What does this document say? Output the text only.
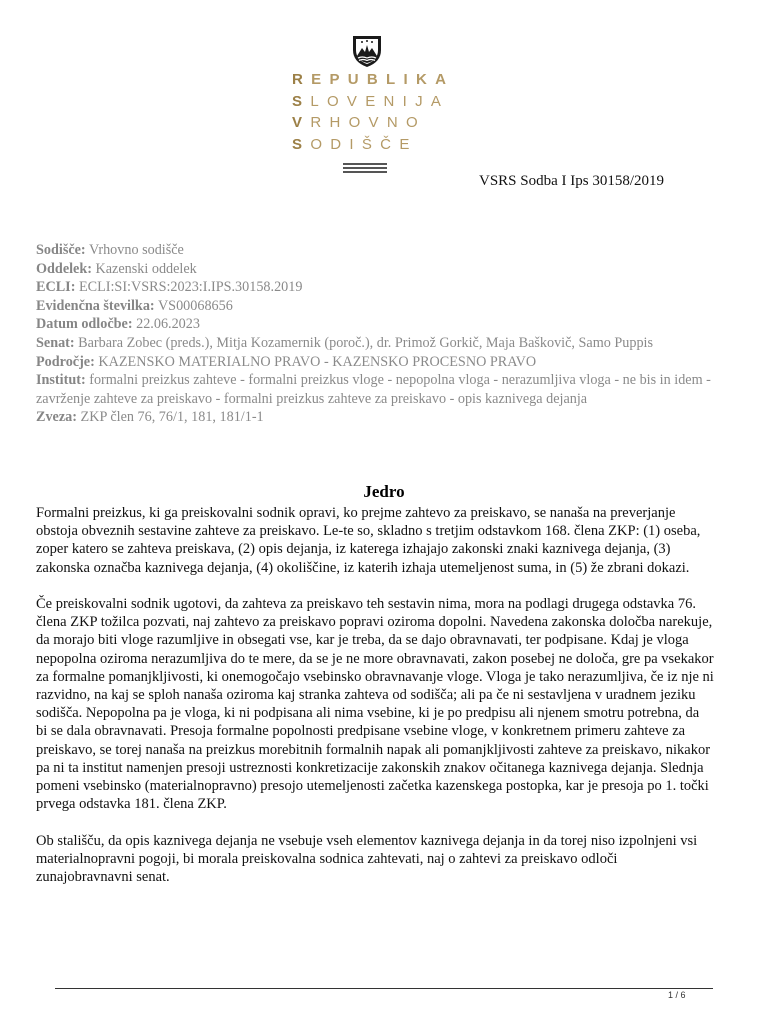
REPUBLIKA
SLOVENIJA
VRHOVNO
SODIŠČE
VSRS Sodba I Ips 30158/2019

Sodišče: Vrhovno sodišče

Oddelek: Kazenski oddelek

ECLI: ECLI:SI:VSRS:2023:I.IPS.30158.2019

Evidenčna številka: VS00068656

Datum odločbe: 22.06.2023

Senat: Barbara Zobec (preds.), Mitja Kozamernik (poroč.), dr. Primož Gorkič, Maja Baškovič, Samo Puppis

Področje: KAZENSKO MATERIALNO PRAVO - KAZENSKO PROCESNO PRAVO

Institut: formalni preizkus zahteve - formalni preizkus vloge - nepopolna vloga - nerazumljiva vloga - ne bis in idem - zavrženje zahteve za preiskavo - formalni preizkus zahteve za preiskavo - opis kaznivega dejanja

Zveza: ZKP člen 76, 76/1, 181, 181/1-1

Jedro

Formalni preizkus, ki ga preiskovalni sodnik opravi, ko prejme zahtevo za preiskavo, se nanaša na preverjanje obstoja obveznih sestavine zahteve za preiskavo. Le-te so, skladno s tretjim odstavkom 168. člena ZKP: (1) oseba, zoper katero se zahteva preiskava, (2) opis dejanja, iz katerega izhajajo zakonski znaki kaznivega dejanja, (3) zakonska označba kaznivega dejanja, (4) okoliščine, iz katerih izhaja utemeljenost suma, in (5) že zbrani dokazi.

Če preiskovalni sodnik ugotovi, da zahteva za preiskavo teh sestavin nima, mora na podlagi drugega odstavka 76. člena ZKP tožilca pozvati, naj zahtevo za preiskavo popravi oziroma dopolni. Navedena zakonska določba narekuje, da morajo biti vloge razumljive in obsegati vse, kar je treba, da se dajo obravnavati, ter podpisane. Kdaj je vloga nepopolna oziroma nerazumljiva do te mere, da se je ne more obravnavati, zakon posebej ne določa, gre pa vsekakor za formalne pomanjkljivosti, ki onemogočajo vsebinsko obravnavanje vloge. Vloga je tako nerazumljiva, če iz nje ni razvidno, na kaj se sploh nanaša oziroma kaj stranka zahteva od sodišča; ali pa če ni sestavljena v uradnem jeziku sodišča. Nepopolna pa je vloga, ki ni podpisana ali nima vsebine, ki je po predpisu ali njenem smotru potrebna, da bi se dala obravnavati. Presoja formalne popolnosti predpisane vsebine vloge, v konkretnem primeru zahteve za preiskavo, se torej nanaša na preizkus morebitnih formalnih napak ali pomanjkljivosti zahteve za preiskavo, nikakor pa ni ta institut namenjen presoji ustreznosti konkretizacije zakonskih znakov očitanega kaznivega dejanja. Slednja pomeni vsebinsko (materialnopravno) presojo utemeljenosti začetka kazenskega postopka, kar je presoja po 1. točki prvega odstavka 181. člena ZKP.

Ob stališču, da opis kaznivega dejanja ne vsebuje vseh elementov kaznivega dejanja in da torej niso izpolnjeni vsi materialnopravni pogoji, bi morala preiskovalna sodnica zahtevati, naj o zahtevi za preiskavo odloči zunajobravnavni senat.

1 / 6
